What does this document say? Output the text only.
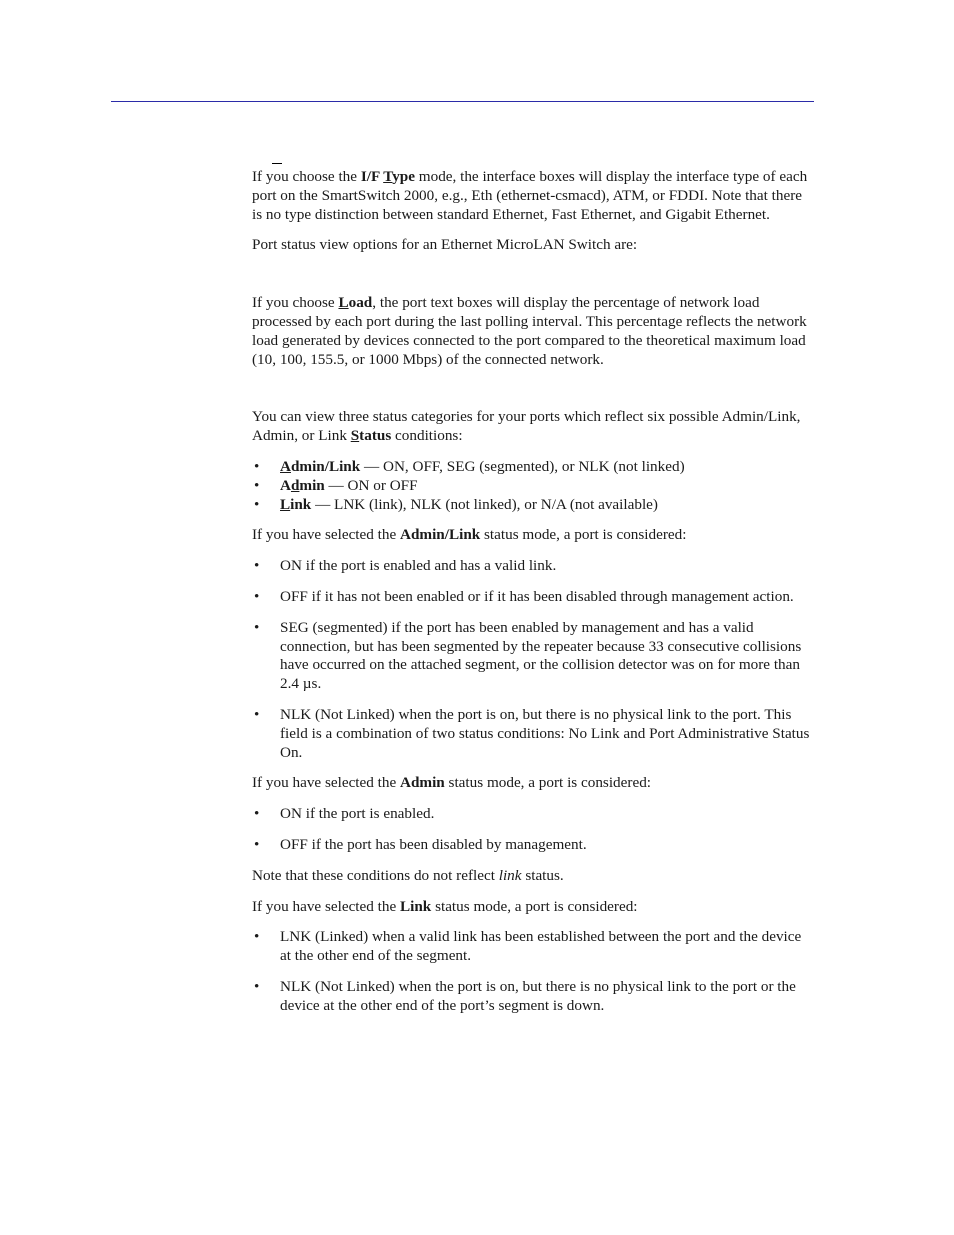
If you choose the I/F Type mode, the interface boxes will display the interface type of each port on the SmartSwitch 2000, e.g., Eth (ethernet-csmacd), ATM, or FDDI. Note that there is no type distinction between standard Ethernet, Fast Ethernet, and Gigabit Ethernet.

Port status view options for an Ethernet MicroLAN Switch are:

If you choose Load, the port text boxes will display the percentage of network load processed by each port during the last polling interval. This percentage reflects the network load generated by devices connected to the port compared to the theoretical maximum load (10, 100, 155.5, or 1000 Mbps) of the connected network.

You can view three status categories for your ports which reflect six possible Admin/Link, Admin, or Link Status conditions:

• Admin/Link — ON, OFF, SEG (segmented), or NLK (not linked)
• Admin — ON or OFF
• Link — LNK (link), NLK (not linked), or N/A (not available)

If you have selected the Admin/Link status mode, a port is considered:

• ON if the port is enabled and has a valid link.
• OFF if it has not been enabled or if it has been disabled through management action.
• SEG (segmented) if the port has been enabled by management and has a valid connection, but has been segmented by the repeater because 33 consecutive collisions have occurred on the attached segment, or the collision detector was on for more than 2.4 µs.
• NLK (Not Linked) when the port is on, but there is no physical link to the port. This field is a combination of two status conditions: No Link and Port Administrative Status On.

If you have selected the Admin status mode, a port is considered:

• ON if the port is enabled.
• OFF if the port has been disabled by management.

Note that these conditions do not reflect link status.

If you have selected the Link status mode, a port is considered:

• LNK (Linked) when a valid link has been established between the port and the device at the other end of the segment.
• NLK (Not Linked) when the port is on, but there is no physical link to the port or the device at the other end of the port’s segment is down.
